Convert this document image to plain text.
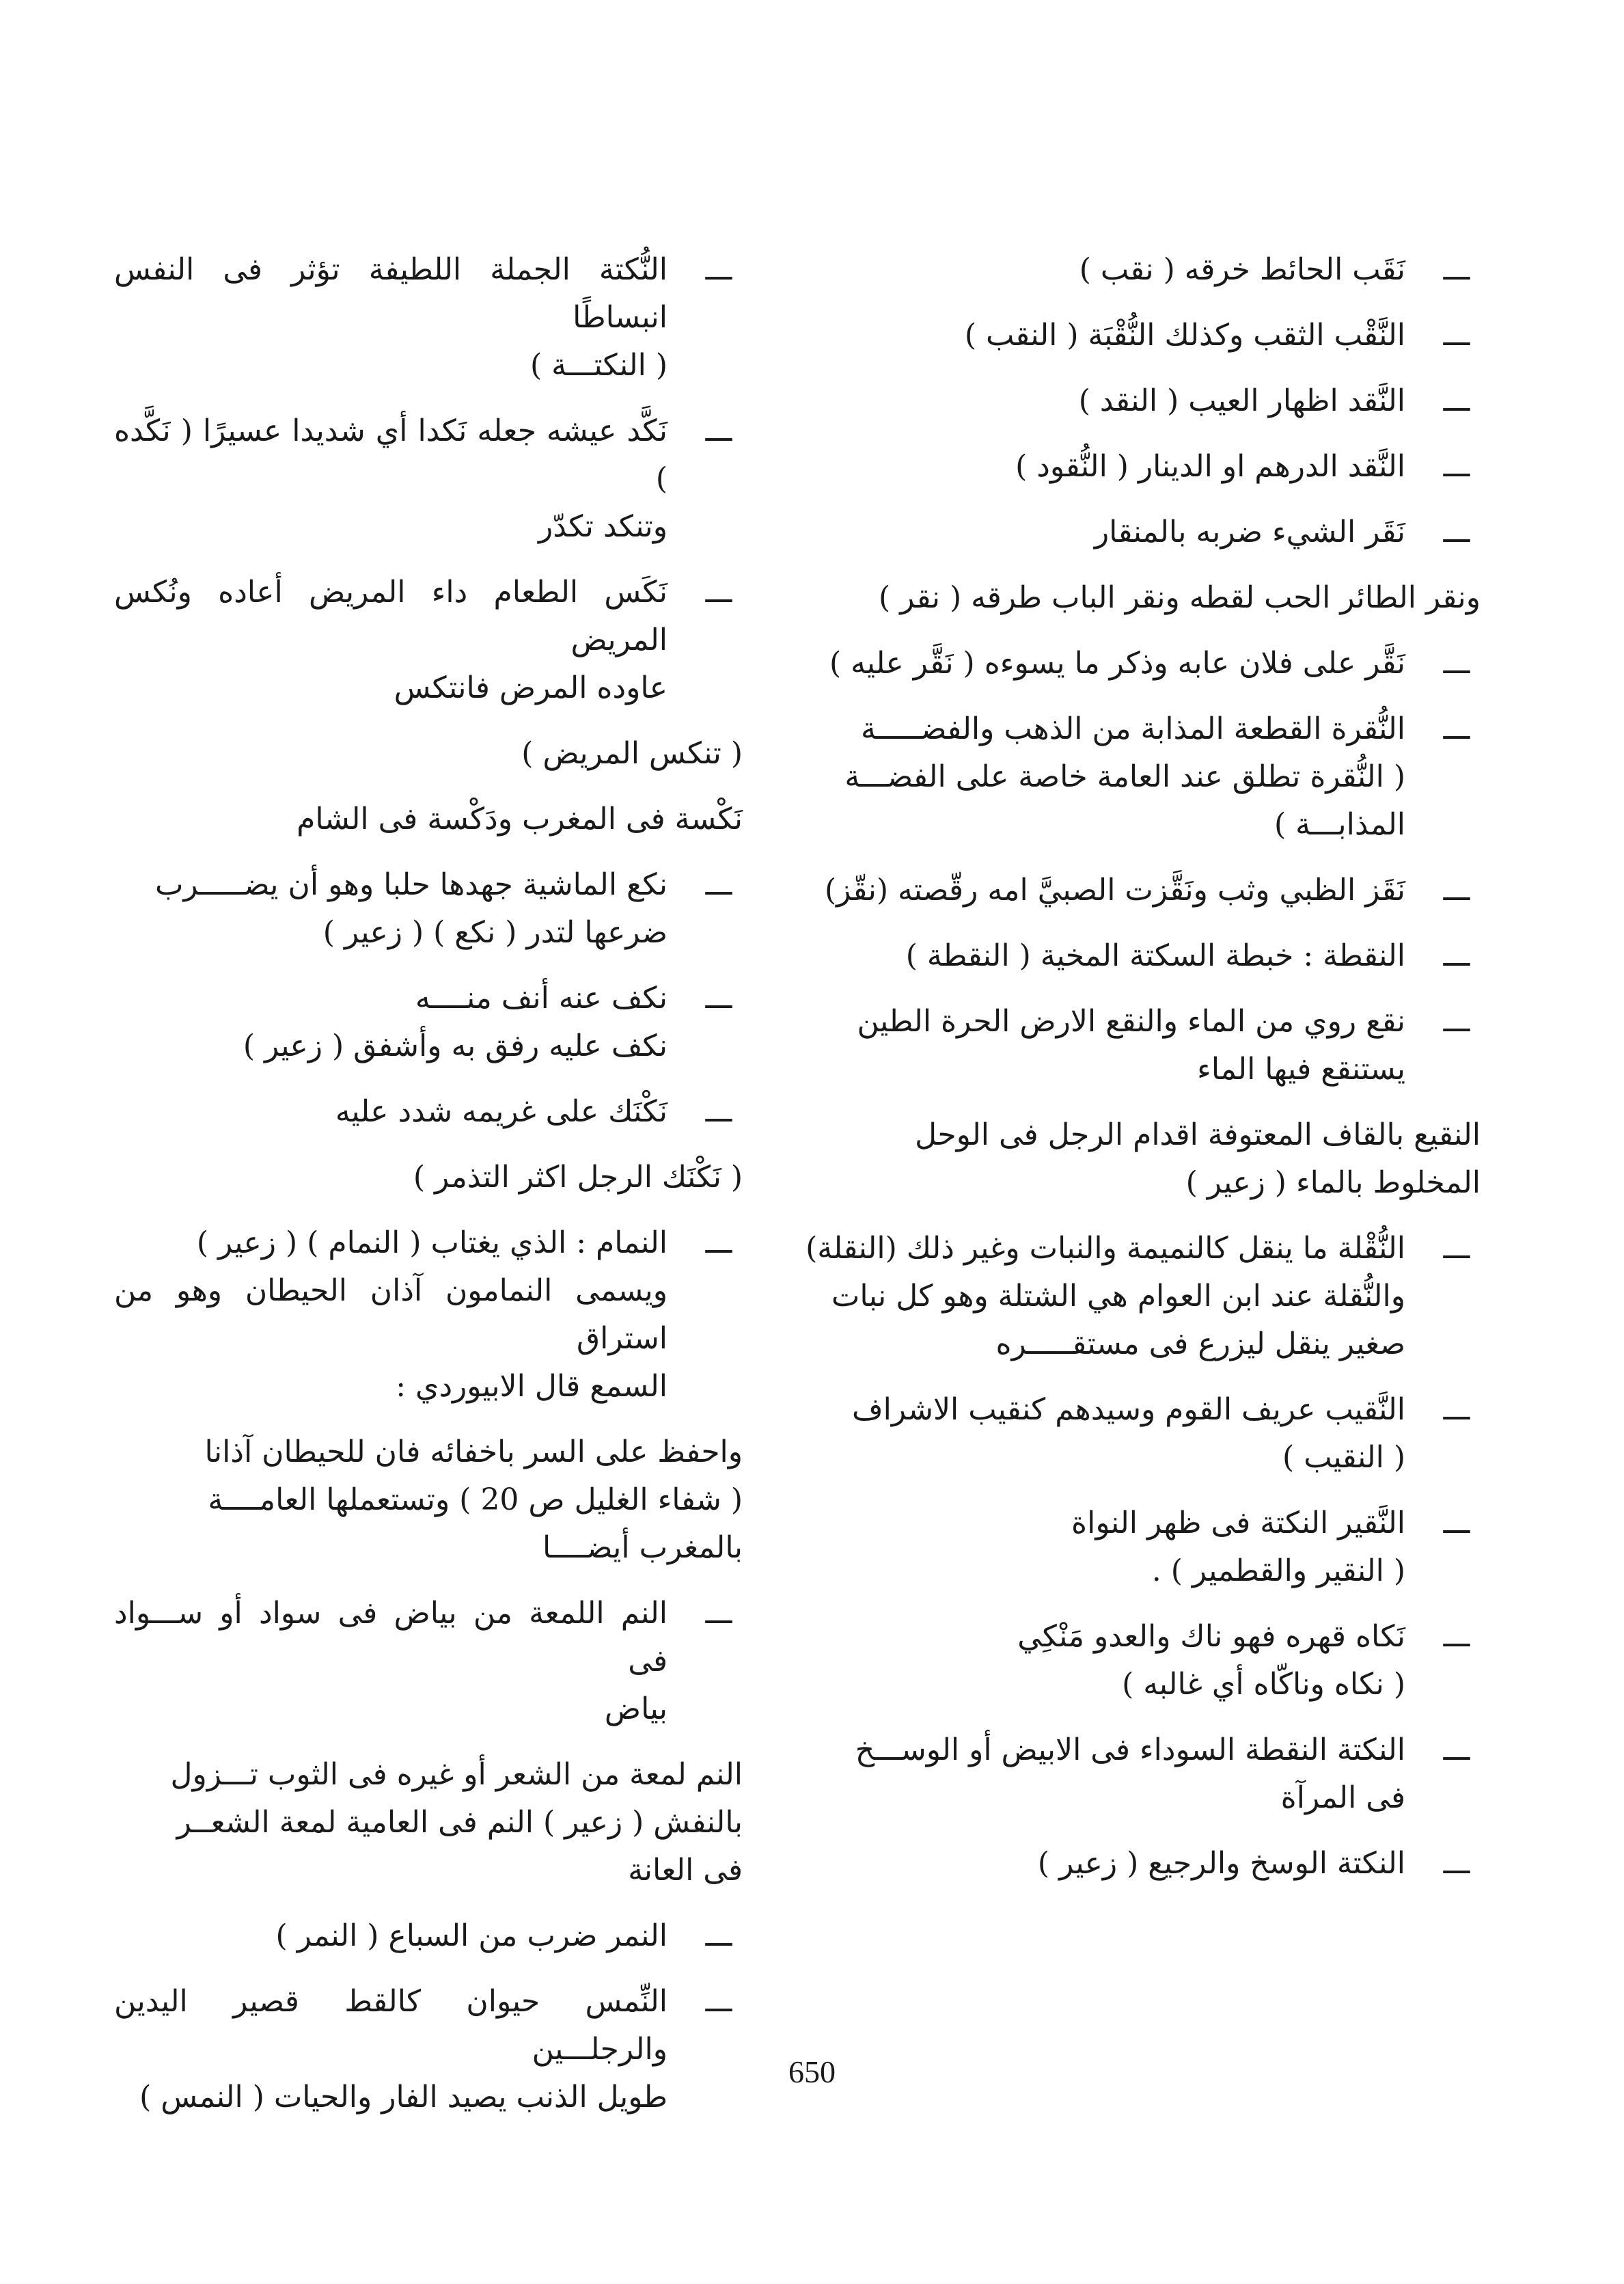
ـــ
نَقَب الحائط خرقه ( نقب )
ـــ
النَّقْب الثقب وكذلك النُّقْبَة ( النقب )
ـــ
النَّقد اظهار العيب ( النقد )
ـــ
النَّقد الدرهم او الدينار ( النُّقود )
ـــ
نَقَر الشيء ضربه بالمنقار
ونقر الطائر الحب لقطه ونقر الباب طرقه ( نقر )
ـــ
نَقَّر على فلان عابه وذكر ما يسوءه ( نَقَّر عليه )
ـــ
النُّقرة القطعة المذابة من الذهب والفضـــــة
( النُّقرة تطلق عند العامة خاصة على الفضـــة
المذابـــة )
ـــ
نَقَز الظبي وثب ونَقَّزت الصبيَّ امه رقّصته (نقّز)
ـــ
النقطة : خبطة السكتة المخية ( النقطة )
ـــ
نقع روي من الماء والنقع الارض الحرة الطين
يستنقع فيها الماء
النقيع بالقاف المعتوفة اقدام الرجل فى الوحل
المخلوط بالماء ( زعير )
ـــ
النُّقْلة ما ينقل كالنميمة والنبات وغير ذلك (النقلة)
والنُّقلة عند ابن العوام هي الشتلة وهو كل نبات
صغير ينقل ليزرع فى مستقـــــره
ـــ
النَّقيب عريف القوم وسيدهم كنقيب الاشراف
( النقيب )
ـــ
النَّقير النكتة فى ظهر النواة
( النقير والقطمير ) .
ـــ
نَكاه قهره فهو ناك والعدو مَنْكِي
( نكاه وناكّاه أي غالبه )
ـــ
النكتة النقطة السوداء فى الابيض أو الوســـخ
فى المرآة
ـــ
النكتة الوسخ والرجيع ( زعير )
ـــ
النُّكتة الجملة اللطيفة تؤثر فى النفس انبساطًا
( النكتـــة )
ـــ
نَكَّد عيشه جعله نَكدا أي شديدا عسيرًا ( نَكَّده )
وتنكد تكدّر
ـــ
نَكَس الطعام داء المريض أعاده ونُكس المريض
عاوده المرض فانتكس
( تنكس المريض )
نَكْسة فى المغرب ودَكْسة فى الشام
ـــ
نكع الماشية جهدها حلبا وهو أن يضـــــرب
ضرعها لتدر ( نكع ) ( زعير )
ـــ
نكف عنه أنف منــــه
نكف عليه رفق به وأشفق ( زعير )
ـــ
نَكْنَك على غريمه شدد عليه
( نَكْنَك الرجل اكثر التذمر )
ـــ
النمام : الذي يغتاب ( النمام ) ( زعير )
ويسمى النمامون آذان الحيطان وهو من استراق
السمع قال الابيوردي :
واحفظ على السر باخفائه فان للحيطان آذانا
( شفاء الغليل ص 20 ) وتستعملها العامــــة
بالمغرب أيضــــا
ـــ
النم اللمعة من بياض فى سواد أو ســـواد فى
بياض
النم لمعة من الشعر أو غيره فى الثوب تـــزول
بالنفش ( زعير ) النم فى العامية لمعة الشعــر
فى العانة
ـــ
النمر ضرب من السباع ( النمر )
ـــ
النِّمس حيوان كالقط قصير اليدين والرجلـــين
طويل الذنب يصيد الفار والحيات ( النمس )
650
